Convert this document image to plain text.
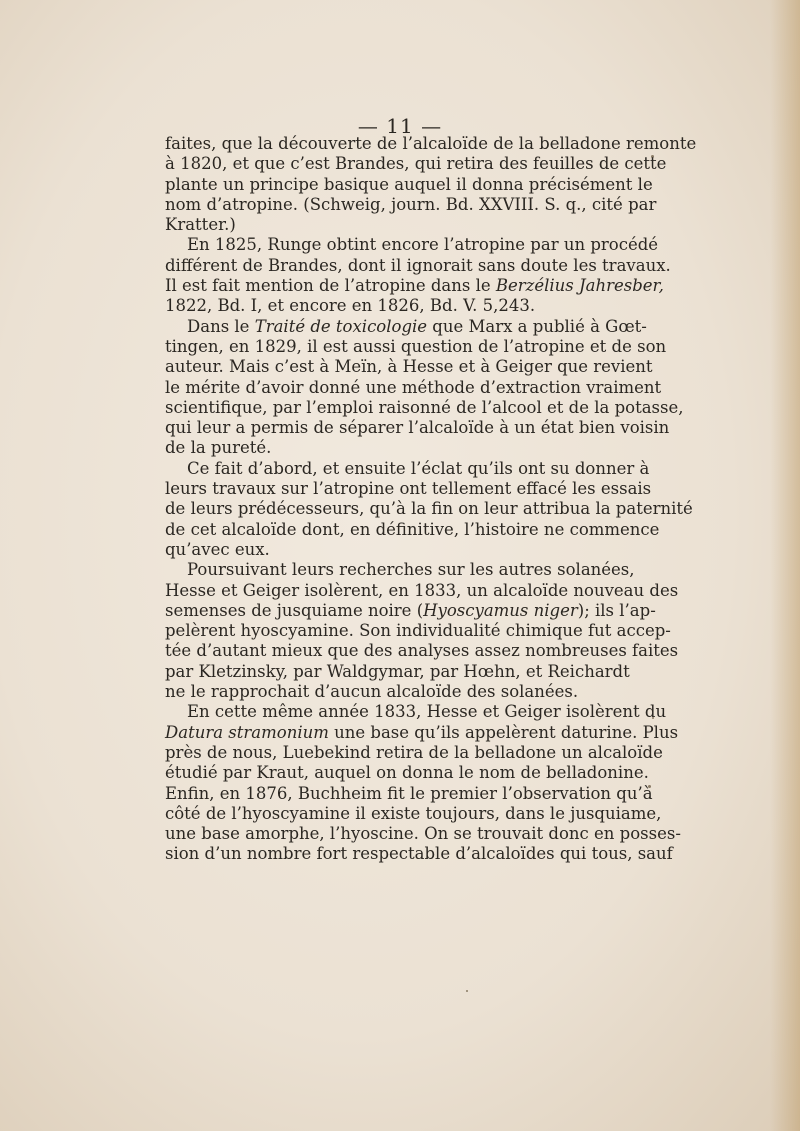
— 11 —
faites, que la découverte de l’alcaloïde de la belladone remonte
à 1820, et que c’est Brandes, qui retira des feuilles de cette
plante un principe basique auquel il donna précisément le
nom d’atropine. (Schweig, journ. Bd. XXVIII. S. q., cité par
Kratter.)
En 1825, Runge obtint encore l’atropine par un procédé
différent de Brandes, dont il ignorait sans doute les travaux.
Il est fait mention de l’atropine dans le Berzélius Jahresber,
1822, Bd. I, et encore en 1826, Bd. V. 5,243.
Dans le Traité de toxicologie que Marx a publié à Gœt-
tingen, en 1829, il est aussi question de l’atropine et de son
auteur. Mais c’est à Meïn, à Hesse et à Geiger que revient
le mérite d’avoir donné une méthode d’extraction vraiment
scientifique, par l’emploi raisonné de l’alcool et de la potasse,
qui leur a permis de séparer l’alcaloïde à un état bien voisin
de la pureté.
Ce fait d’abord, et ensuite l’éclat qu’ils ont su donner à
leurs travaux sur l’atropine ont tellement effacé les essais
de leurs prédécesseurs, qu’à la fin on leur attribua la paternité
de cet alcaloïde dont, en définitive, l’histoire ne commence
qu’avec eux.
Poursuivant leurs recherches sur les autres solanées,
Hesse et Geiger isolèrent, en 1833, un alcaloïde nouveau des
semenses de jusquiame noire (Hyoscyamus niger); ils l’ap-
pelèrent hyoscyamine. Son individualité chimique fut accep-
tée d’autant mieux que des analyses assez nombreuses faites
par Kletzinsky, par Waldgymar, par Hœhn, et Reichardt
ne le rapprochait d’aucun alcaloïde des solanées.
En cette même année 1833, Hesse et Geiger isolèrent du
Datura stramonium une base qu’ils appelèrent daturine. Plus
près de nous, Luebekind retira de la belladone un alcaloïde
étudié par Kraut, auquel on donna le nom de belladonine.
Enfin, en 1876, Buchheim fit le premier l’observation qu’à
côté de l’hyoscyamine il existe toujours, dans le jusquiame,
une base amorphe, l’hyoscine. On se trouvait donc en posses-
sion d’un nombre fort respectable d’alcaloïdes qui tous, sauf
